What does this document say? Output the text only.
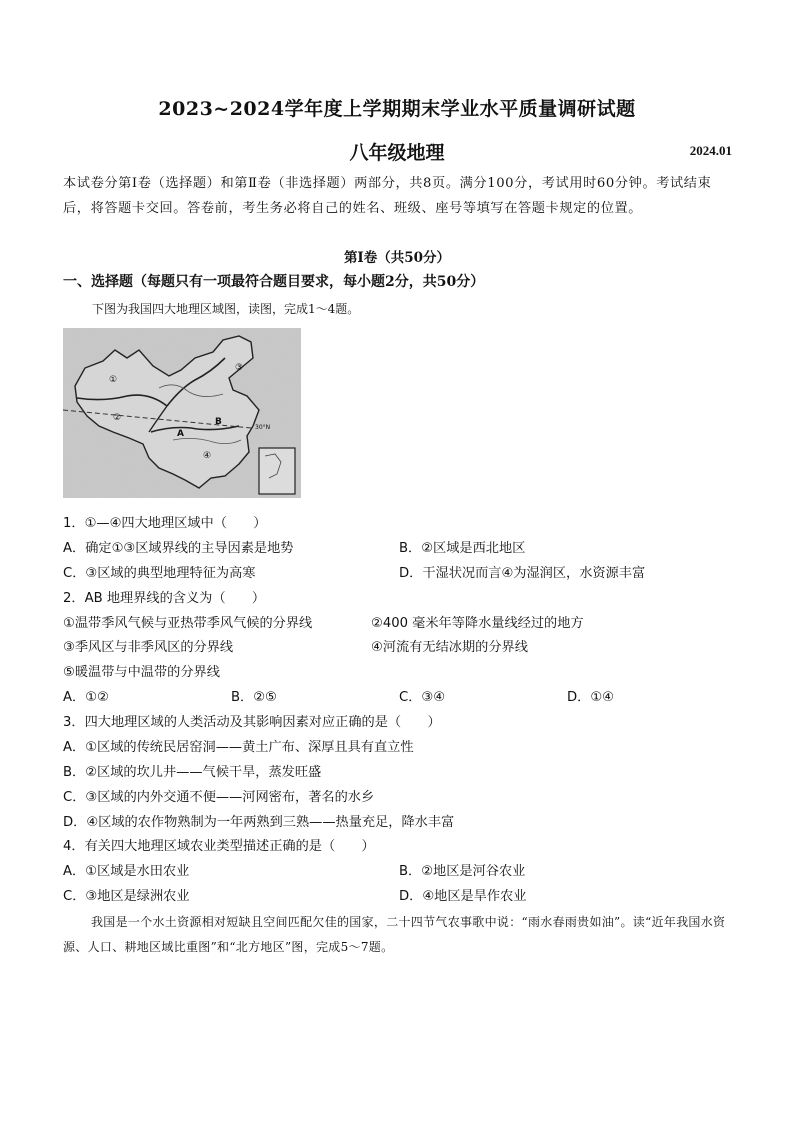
2023~2024学年度上学期期末学业水平质量调研试题
八年级地理	2024.01
本试卷分第Ⅰ卷（选择题）和第Ⅱ卷（非选择题）两部分，共8页。满分100分，考试用时60分钟。考试结束后，将答题卡交回。答卷前，考生务必将自己的姓名、班级、座号等填写在答题卡规定的位置。
第Ⅰ卷（共50分）
一、选择题（每题只有一项最符合题目要求，每小题2分，共50分）
下图为我国四大地理区域图，读图，完成1～4题。
①
②
③
④
A
B
30°N
1．①—④四大地理区域中（　　）
A．确定①③区域界线的主导因素是地势	B．②区域是西北地区
C．③区域的典型地理特征为高寒	D．干湿状况而言④为湿润区，水资源丰富
2．AB 地理界线的含义为（　　）
①温带季风气候与亚热带季风气候的分界线	②400 毫米年等降水量线经过的地方
③季风区与非季风区的分界线	④河流有无结冰期的分界线
⑤暖温带与中温带的分界线
A．①②	B．②⑤	C．③④	D．①④
3．四大地理区域的人类活动及其影响因素对应正确的是（　　）
A．①区域的传统民居窑洞——黄土广布、深厚且具有直立性
B．②区域的坎儿井——气候干旱，蒸发旺盛
C．③区域的内外交通不便——河网密布，著名的水乡
D．④区域的农作物熟制为一年两熟到三熟——热量充足，降水丰富
4．有关四大地理区域农业类型描述正确的是（　　）
A．①区域是水田农业	B．②地区是河谷农业
C．③地区是绿洲农业	D．④地区是旱作农业
我国是一个水土资源相对短缺且空间匹配欠佳的国家，二十四节气农事歌中说：“雨水春雨贵如油”。读“近年我国水资源、人口、耕地区域比重图”和“北方地区”图，完成5～7题。
